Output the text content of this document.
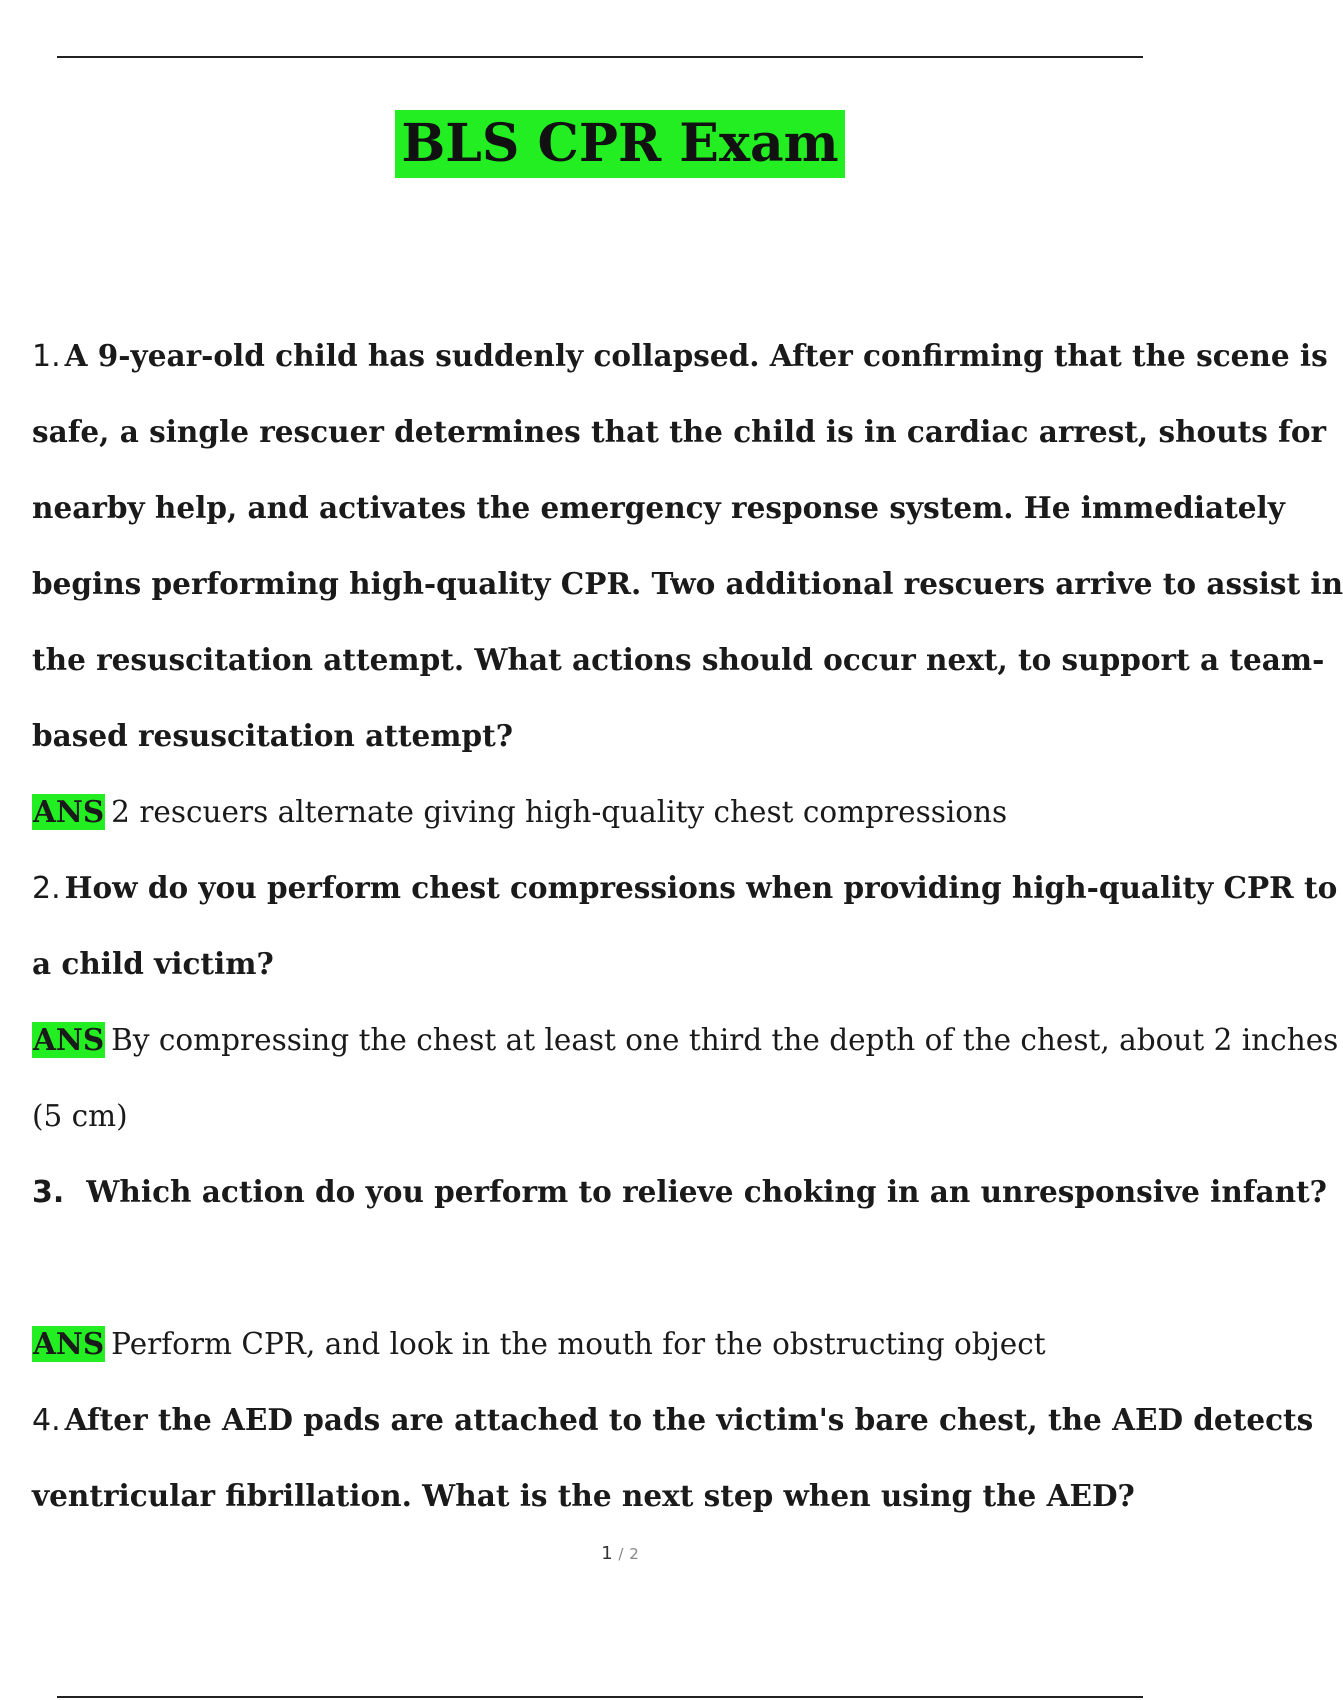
BLS CPR Exam
1. A 9-year-old child has suddenly collapsed. After confirming that the scene is
safe, a single rescuer determines that the child is in cardiac arrest, shouts for
nearby help, and activates the emergency response system. He immediately
begins performing high-quality CPR. Two additional rescuers arrive to assist in
the resuscitation attempt. What actions should occur next, to support a team-
based resuscitation attempt?
ANS 2 rescuers alternate giving high-quality chest compressions
2. How do you perform chest compressions when providing high-quality CPR to
a child victim?
ANS By compressing the chest at least one third the depth of the chest, about 2 inches
(5 cm)
3. Which action do you perform to relieve choking in an unresponsive infant?
ANS Perform CPR, and look in the mouth for the obstructing object
4. After the AED pads are attached to the victim's bare chest, the AED detects
ventricular fibrillation. What is the next step when using the AED?
1 / 2
